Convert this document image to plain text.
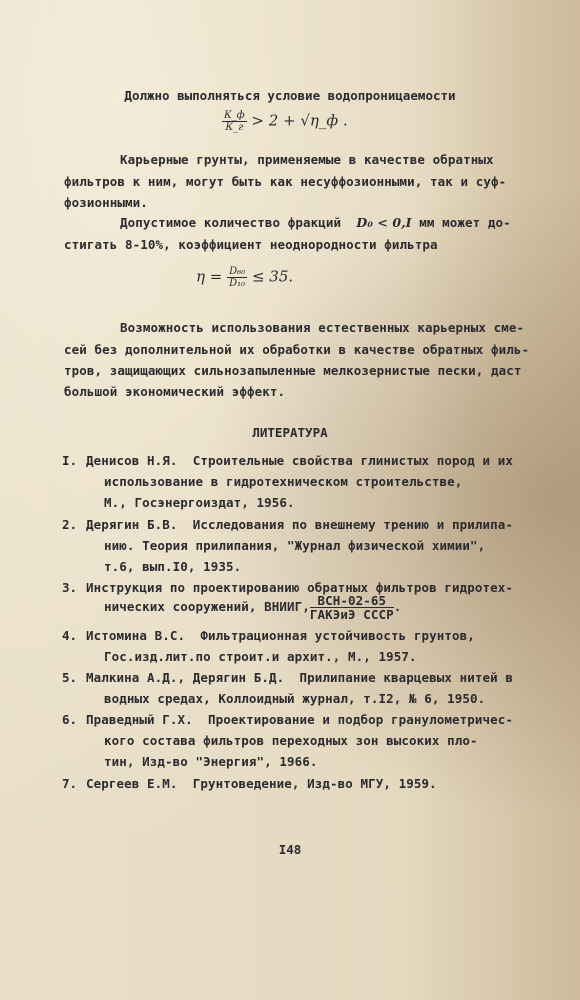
Должно выполняться условие водопроницаемости
$\frac{К\_ф}{К\_г} > 2$ + √η_ф .
Карьерные грунты, применяемые в качестве обратных
фильтров к ним, могут быть как несуффозионными, так и суф-
фозионными.
Допустимое количество фракций D₀ < 0,I мм может до-
стигать 8-10%, коэффициент неоднородности фильтра
$\eta = \frac{\text{D₆₀}}{\text{D₁₀}} \le 35$.
Возможность использования естественных карьерных сме-
сей без дополнительной их обработки в качестве обратных филь-
тров, защищающих сильнозапыленные мелкозернистые пески, даст
большой экономический эффект.
ЛИТЕРАТУРА
I. Денисов Н.Я.  Строительные свойства глинистых пород и их
использование в гидротехническом строительстве,
М., Госэнергоиздат, 1956.
2. Дерягин Б.В.  Исследования по внешнему трению и прилипа-
нию. Теория прилипания, "Журнал физической химии",
т.6, вып.I0, 1935.
3. Инструкция по проектированию обратных фильтров гидротех-
нических сооружений, ВНИИГ, ВСН-02-65
ГАКЭиЭ СССР
.
4. Истомина В.С.  Фильтрационная устойчивость грунтов,
Гос.изд.лит.по строит.и архит., М., 1957.
5. Малкина А.Д., Дерягин Б.Д.  Прилипание кварцевых нитей в
водных средах, Коллоидный журнал, т.I2, № 6, 1950.
6. Праведный Г.Х.  Проектирование и подбор гранулометричес-
кого состава фильтров переходных зон высоких пло-
тин, Изд-во "Энергия", 1966.
7. Сергеев Е.М.  Грунтоведение, Изд-во МГУ, 1959.
I48
